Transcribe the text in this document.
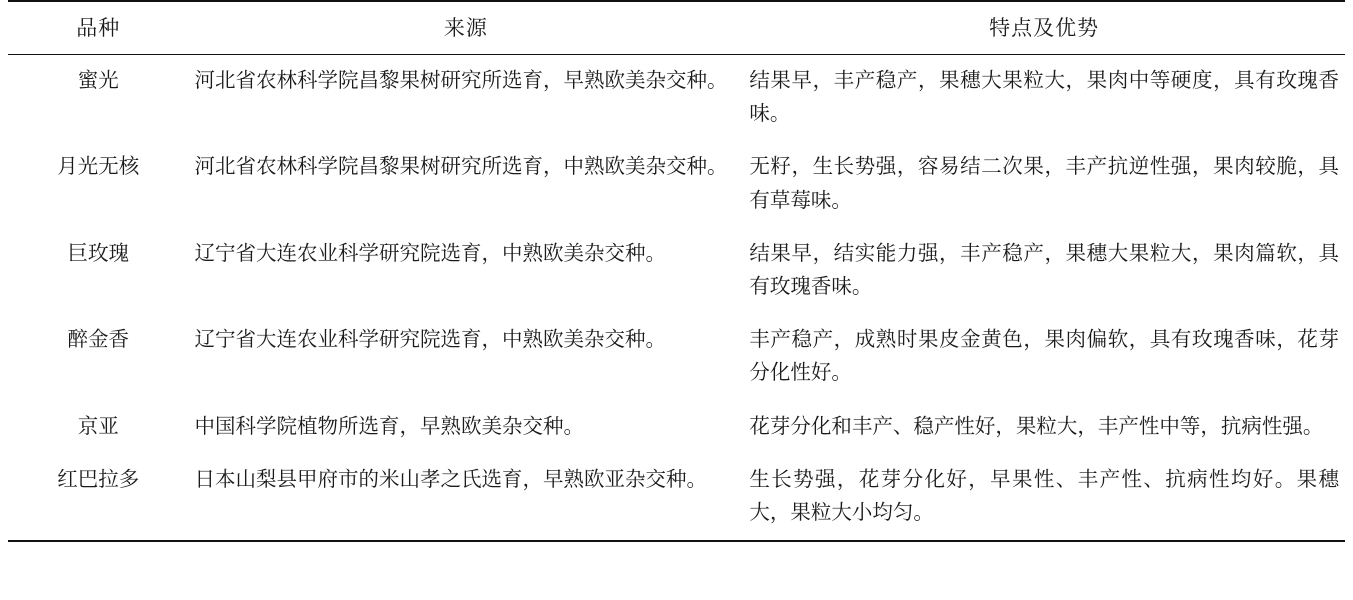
品种	来源	特点及优势
蜜光	河北省农林科学院昌黎果树研究所选育，早熟欧美杂交种。	结果早，丰产稳产，果穗大果粒大，果肉中等硬度，具有玫瑰香味。
月光无核	河北省农林科学院昌黎果树研究所选育，中熟欧美杂交种。	无籽，生长势强，容易结二次果，丰产抗逆性强，果肉较脆，具有草莓味。
巨玫瑰	辽宁省大连农业科学研究院选育，中熟欧美杂交种。	结果早，结实能力强，丰产稳产，果穗大果粒大，果肉篇软，具有玫瑰香味。
醉金香	辽宁省大连农业科学研究院选育，中熟欧美杂交种。	丰产稳产，成熟时果皮金黄色，果肉偏软，具有玫瑰香味，花芽分化性好。
京亚	中国科学院植物所选育，早熟欧美杂交种。	花芽分化和丰产、稳产性好，果粒大，丰产性中等，抗病性强。
红巴拉多	日本山梨县甲府市的米山孝之氏选育，早熟欧亚杂交种。	生长势强，花芽分化好，早果性、丰产性、抗病性均好。果穗大，果粒大小均匀。
